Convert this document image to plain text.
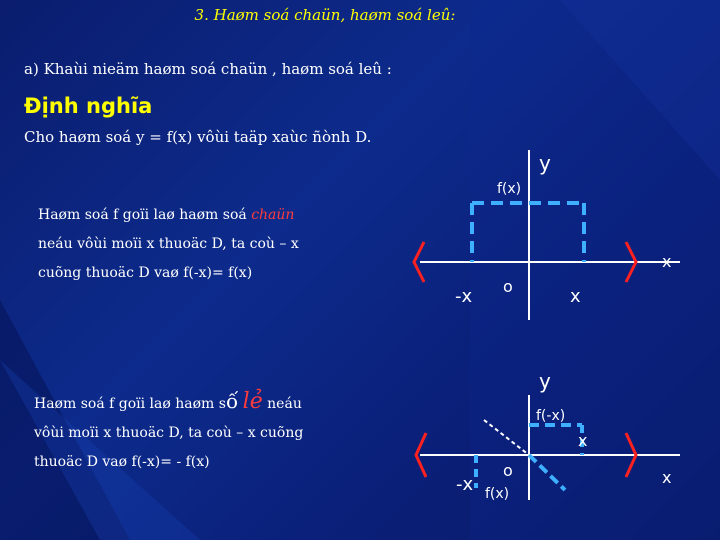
3. Haøm soá chaün, haøm soá leû:
a) Khaùi nieäm haøm soá chaün , haøm soá leû :
Định nghĩa
Cho haøm soá y = f(x) vôùi taäp xaùc ñònh D.
Haøm soá f goïi laø haøm soá chaün
neáu vôùi moïi x thuoäc D, ta coù – x
cuõng thuoäc D vaø f(-x)= f(x)
Haøm soá f goïi laø haøm số lẻ neáu
vôùi moïi x thuoäc D, ta coù – x cuõng
thuoäc D vaø f(-x)= - f(x)
y
f(x)
x
-x o	x
y
f(-x)
x
x
-x
o
f(x)
